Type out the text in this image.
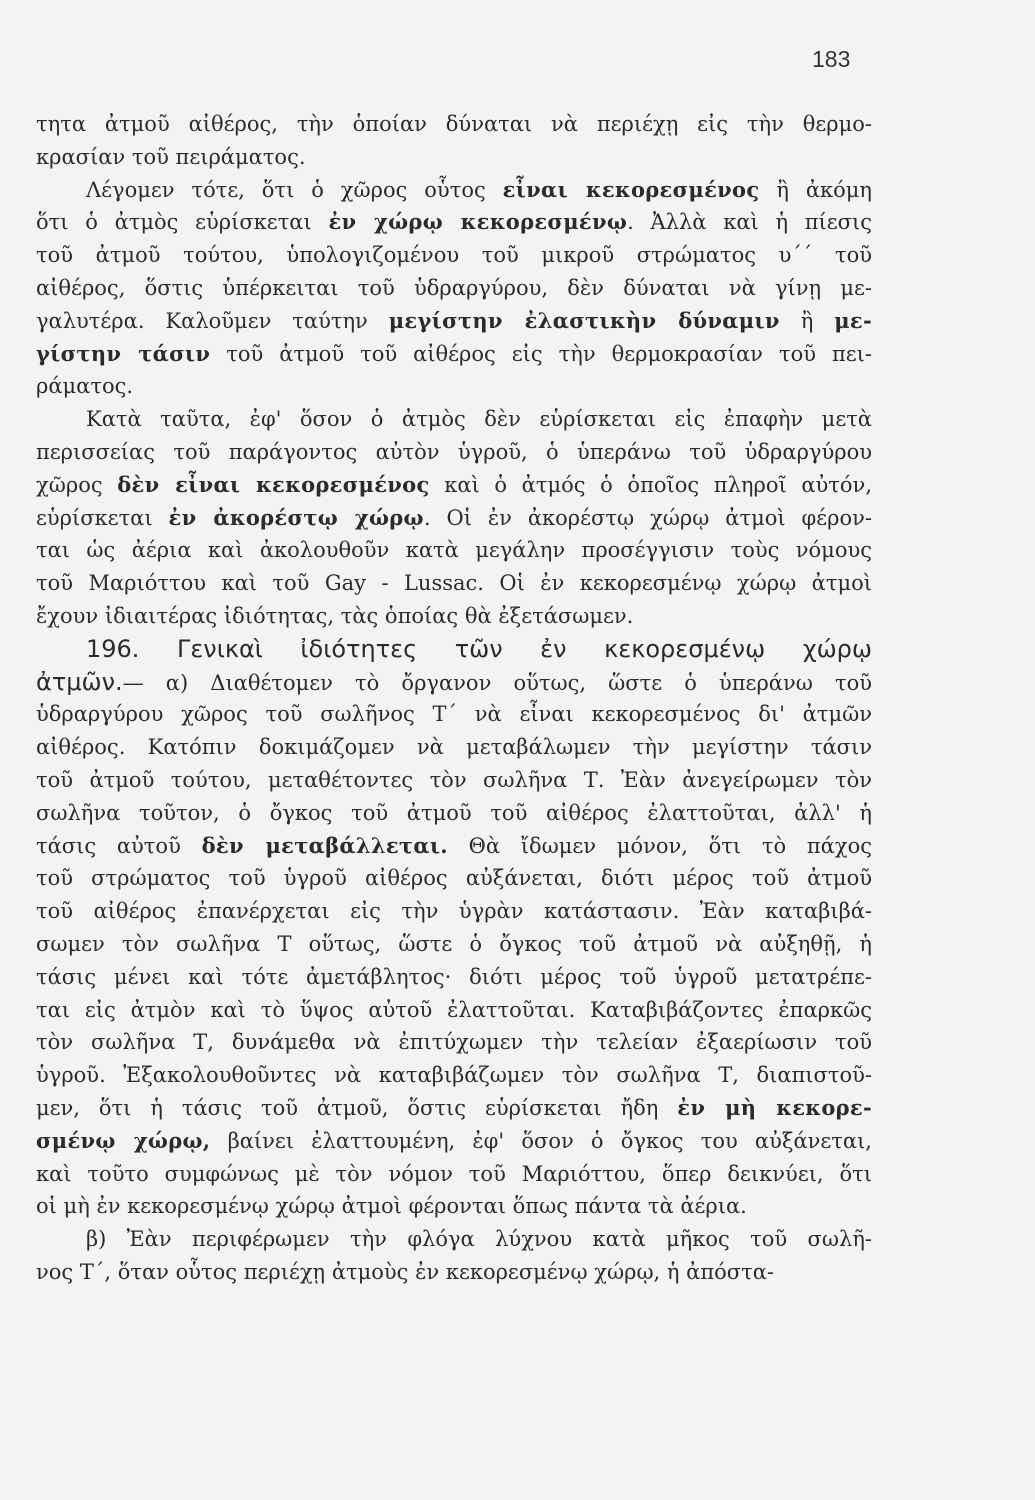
183
τητα ἀτμοῦ αἰθέρος, τὴν ὁποίαν δύναται νὰ περιέχῃ εἰς τὴν θερμο-
κρασίαν τοῦ πειράματος.
Λέγομεν τότε, ὅτι ὁ χῶρος οὗτος εἶναι κεκορεσμένος ἢ ἀκόμη
ὅτι ὁ ἀτμὸς εὑρίσκεται ἐν χώρῳ κεκορεσμένῳ. Ἀλλὰ καὶ ἡ πίεσις
τοῦ ἀτμοῦ τούτου, ὑπολογιζομένου τοῦ μικροῦ στρώματος υ΄΄ τοῦ
αἰθέρος, ὅστις ὑπέρκειται τοῦ ὑδραργύρου, δὲν δύναται νὰ γίνῃ με-
γαλυτέρα. Καλοῦμεν ταύτην μεγίστην ἐλαστικὴν δύναμιν ἢ με-
γίστην τάσιν τοῦ ἀτμοῦ τοῦ αἰθέρος εἰς τὴν θερμοκρασίαν τοῦ πει-
ράματος.
Κατὰ ταῦτα, ἐφ' ὅσον ὁ ἀτμὸς δὲν εὑρίσκεται εἰς ἐπαφὴν μετὰ
περισσείας τοῦ παράγοντος αὐτὸν ὑγροῦ, ὁ ὑπεράνω τοῦ ὑδραργύρου
χῶρος δὲν εἶναι κεκορεσμένος καὶ ὁ ἀτμός ὁ ὁποῖος πληροῖ αὐτόν,
εὑρίσκεται ἐν ἀκορέστῳ χώρῳ. Οἱ ἐν ἀκορέστῳ χώρῳ ἀτμοὶ φέρον-
ται ὡς ἀέρια καὶ ἀκολουθοῦν κατὰ μεγάλην προσέγγισιν τοὺς νόμους
τοῦ Μαριόττου καὶ τοῦ Gay - Lussac. Οἱ ἐν κεκορεσμένῳ χώρῳ ἀτμοὶ
ἔχουν ἰδιαιτέρας ἰδιότητας, τὰς ὁποίας θὰ ἐξετάσωμεν.
196. Γενικαὶ ἰδιότητες τῶν ἐν κεκορεσμένῳ χώρῳ
ἀτμῶν.— α) Διαθέτομεν τὸ ὄργανον οὕτως, ὥστε ὁ ὑπεράνω τοῦ
ὑδραργύρου χῶρος τοῦ σωλῆνος Τ΄ νὰ εἶναι κεκορεσμένος δι' ἀτμῶν
αἰθέρος. Κατόπιν δοκιμάζομεν νὰ μεταβάλωμεν τὴν μεγίστην τάσιν
τοῦ ἀτμοῦ τούτου, μεταθέτοντες τὸν σωλῆνα Τ. Ἐὰν ἀνεγείρωμεν τὸν
σωλῆνα τοῦτον, ὁ ὄγκος τοῦ ἀτμοῦ τοῦ αἰθέρος ἐλαττοῦται, ἀλλ' ἡ
τάσις αὐτοῦ δὲν μεταβάλλεται. Θὰ ἴδωμεν μόνον, ὅτι τὸ πάχος
τοῦ στρώματος τοῦ ὑγροῦ αἰθέρος αὐξάνεται, διότι μέρος τοῦ ἀτμοῦ
τοῦ αἰθέρος ἐπανέρχεται εἰς τὴν ὑγρὰν κατάστασιν. Ἐὰν καταβιβά-
σωμεν τὸν σωλῆνα Τ οὕτως, ὥστε ὁ ὄγκος τοῦ ἀτμοῦ νὰ αὐξηθῇ, ἡ
τάσις μένει καὶ τότε ἀμετάβλητος· διότι μέρος τοῦ ὑγροῦ μετατρέπε-
ται εἰς ἀτμὸν καὶ τὸ ὕψος αὐτοῦ ἐλαττοῦται. Καταβιβάζοντες ἐπαρκῶς
τὸν σωλῆνα Τ, δυνάμεθα νὰ ἐπιτύχωμεν τὴν τελείαν ἐξαερίωσιν τοῦ
ὑγροῦ. Ἐξακολουθοῦντες νὰ καταβιβάζωμεν τὸν σωλῆνα Τ, διαπιστοῦ-
μεν, ὅτι ἡ τάσις τοῦ ἀτμοῦ, ὅστις εὑρίσκεται ἤδη ἐν μὴ κεκορε-
σμένῳ χώρῳ, βαίνει ἐλαττουμένη, ἐφ' ὅσον ὁ ὄγκος του αὐξάνεται,
καὶ τοῦτο συμφώνως μὲ τὸν νόμον τοῦ Μαριόττου, ὅπερ δεικνύει, ὅτι
οἱ μὴ ἐν κεκορεσμένῳ χώρῳ ἀτμοὶ φέρονται ὅπως πάντα τὰ ἀέρια.
β) Ἐὰν περιφέρωμεν τὴν φλόγα λύχνου κατὰ μῆκος τοῦ σωλῆ-
νος Τ΄, ὅταν οὗτος περιέχῃ ἀτμοὺς ἐν κεκορεσμένῳ χώρῳ, ἡ ἀπόστα-
